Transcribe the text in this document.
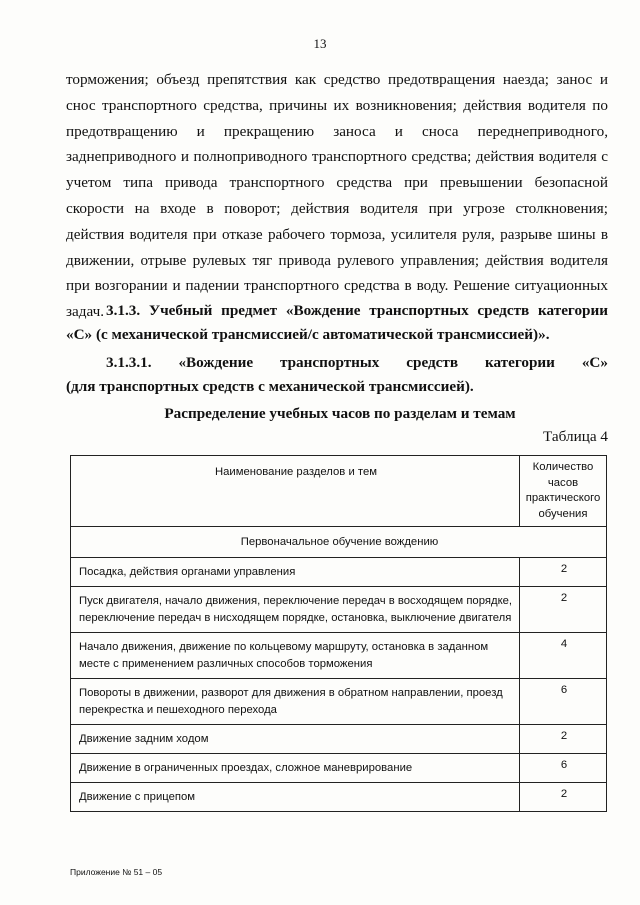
13

торможения; объезд препятствия как средство предотвращения наезда; занос и снос транспортного средства, причины их возникновения; действия водителя по предотвращению и прекращению заноса и сноса переднеприводного, заднеприводного и полноприводного транспортного средства; действия водителя с учетом типа привода транспортного средства при превышении безопасной скорости на входе в поворот; действия водителя при угрозе столкновения; действия водителя при отказе рабочего тормоза, усилителя руля, разрыве шины в движении, отрыве рулевых тяг привода рулевого управления; действия водителя при возгорании и падении транспортного средства в воду. Решение ситуационных задач. 3.1.3. Учебный предмет «Вождение транспортных средств категории «С» (с механической трансмиссией/с автоматической трансмиссией)».
3.1.3.1. «Вождение транспортных средств категории «С»
(для транспортных средств с механической трансмиссией).
Распределение учебных часов по разделам и темам
Таблица 4
Наименование разделов и тем	Количество часов практического обучения
Первоначальное обучение вождению	
Посадка, действия органами управления	2
Пуск двигателя, начало движения, переключение передач в восходящем порядке, переключение передач в нисходящем порядке, остановка, выключение двигателя	2
Начало движения, движение по кольцевому маршруту, остановка в заданном месте с применением различных способов торможения	4
Повороты в движении, разворот для движения в обратном направлении, проезд перекрестка и пешеходного перехода	6
Движение задним ходом	2
Движение в ограниченных проездах, сложное маневрирование	6
Движение с прицепом	2
Приложение № 51 – 05
